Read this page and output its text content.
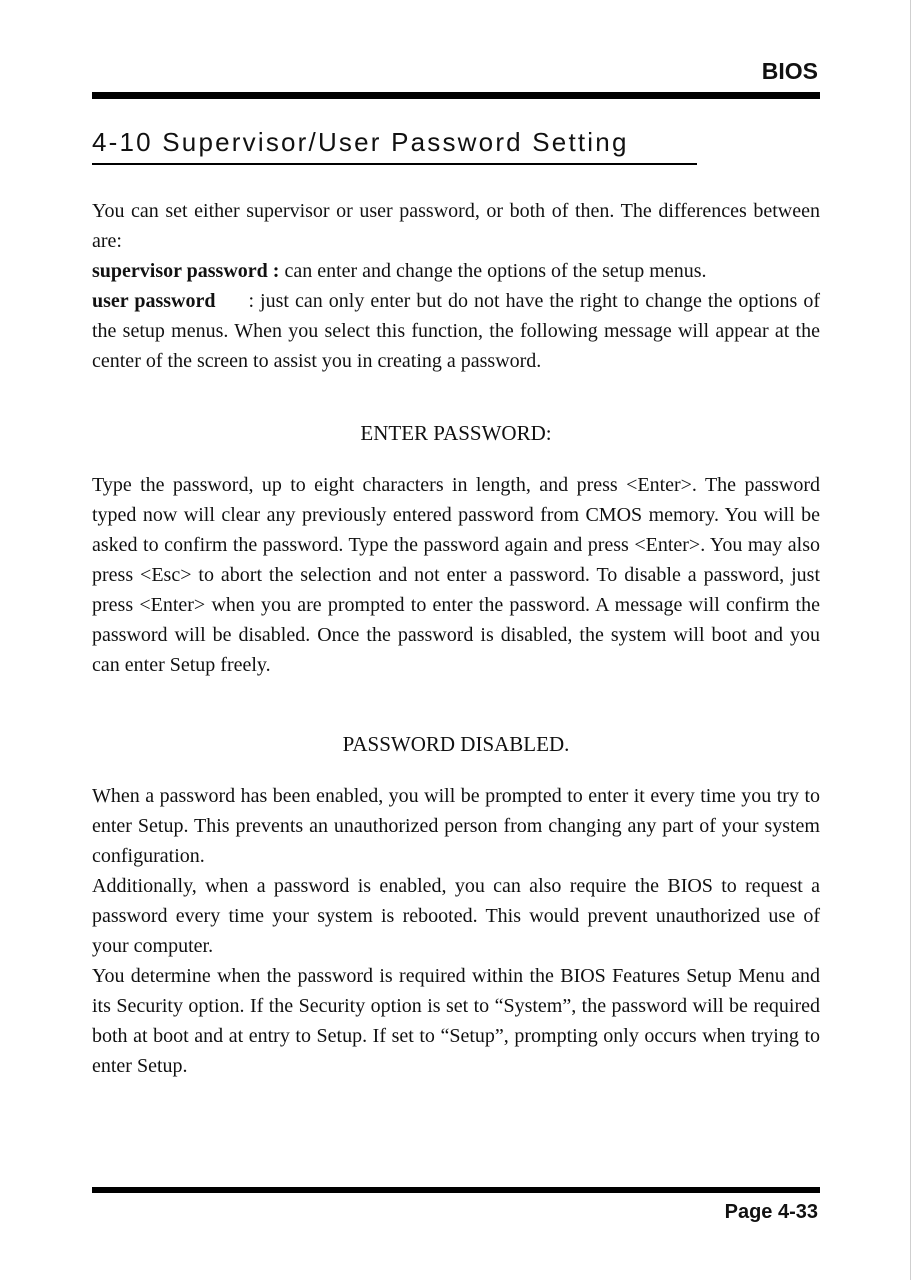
BIOS
4-10 Supervisor/User Password Setting

You can set either supervisor or user password, or both of then. The differences between are:

supervisor password : can enter and change the options of the setup menus.

user password : just can only enter but do not have the right to change the options of the setup menus. When you select this function, the following message will appear at the center of the screen to assist you in creating a password.

ENTER PASSWORD:

Type the password, up to eight characters in length, and press <Enter>. The password typed now will clear any previously entered password from CMOS memory. You will be asked to confirm the password. Type the password again and press <Enter>. You may also press <Esc> to abort the selection and not enter a password. To disable a password, just press <Enter> when you are prompted to enter the password. A message will confirm the password will be disabled. Once the password is disabled, the system will boot and you can enter Setup freely.

PASSWORD DISABLED.

When a password has been enabled, you will be prompted to enter it every time you try to enter Setup. This prevents an unauthorized person from changing any part of your system configuration.

Additionally, when a password is enabled, you can also require the BIOS to request a password every time your system is rebooted. This would prevent unauthorized use of your computer.

You determine when the password is required within the BIOS Features Setup Menu and its Security option. If the Security option is set to “System”, the password will be required both at boot and at entry to Setup. If set to “Setup”, prompting only occurs when trying to enter Setup.

Page 4-33
